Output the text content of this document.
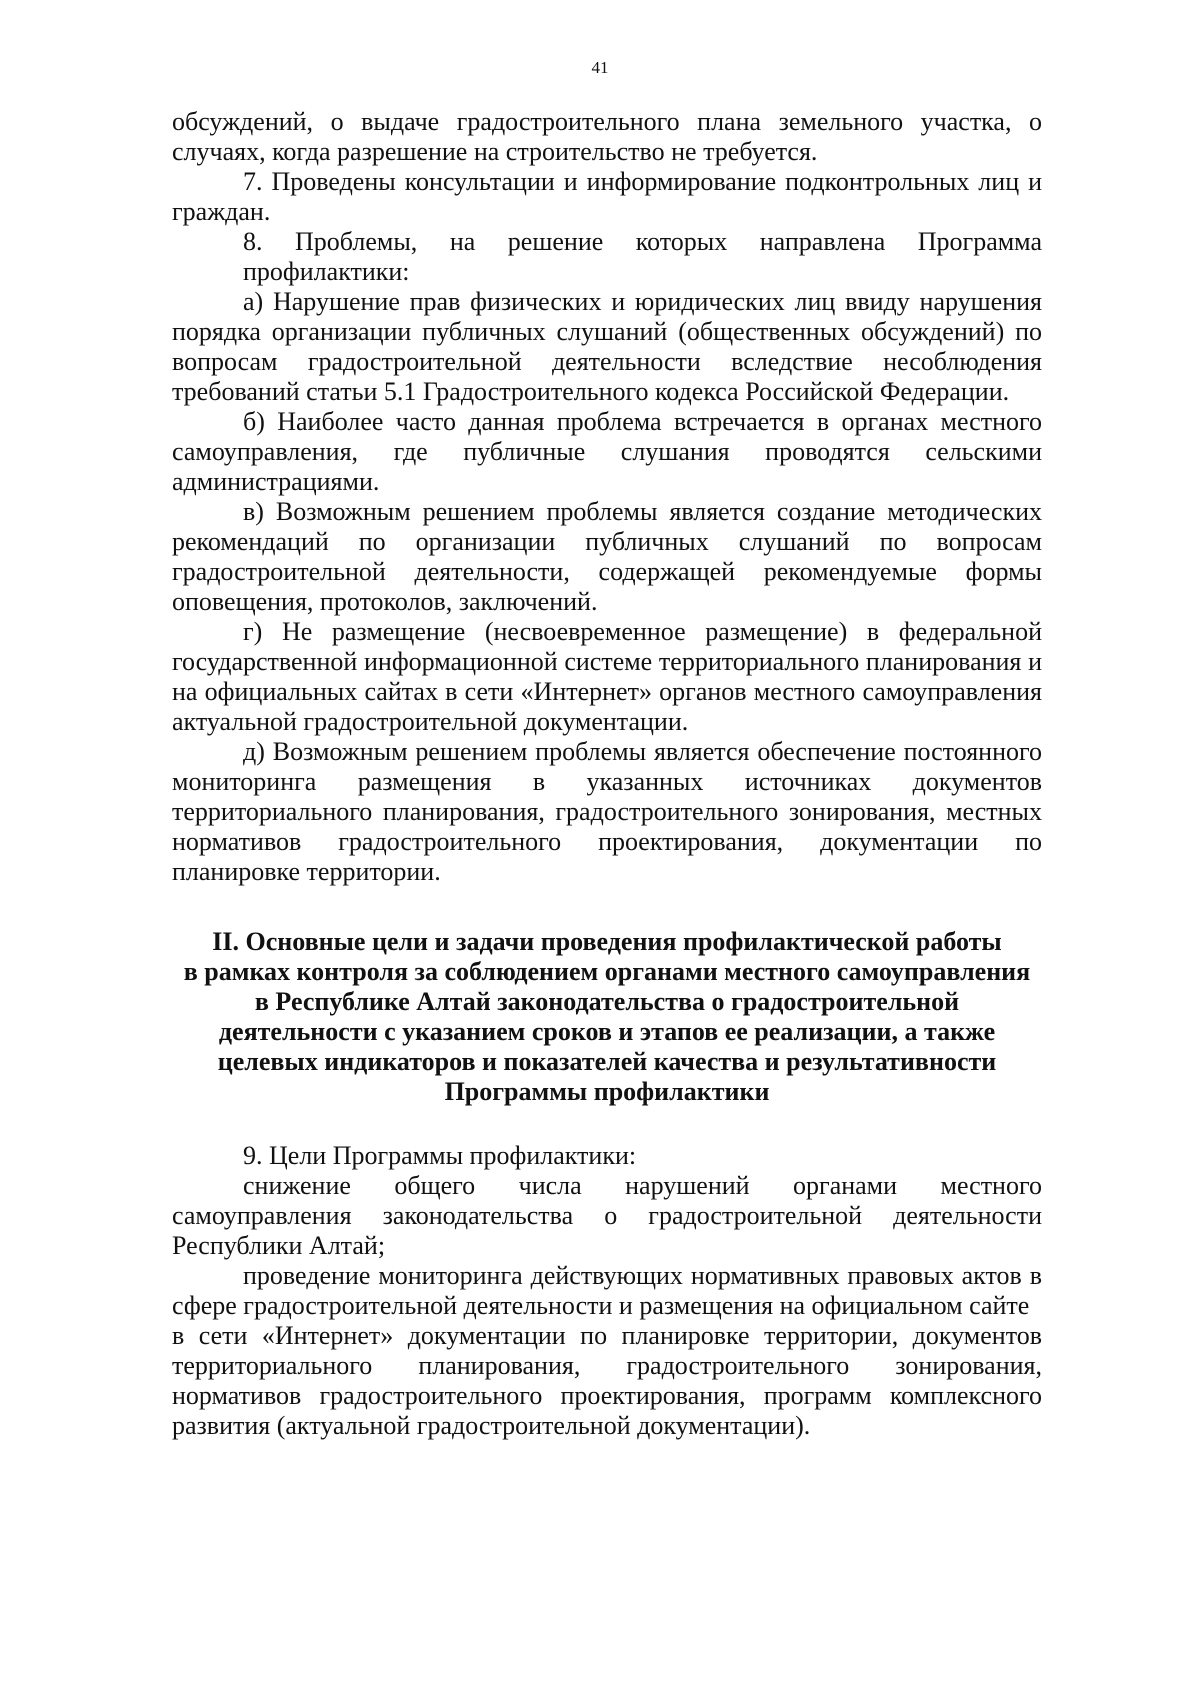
41

обсуждений, о выдаче градостроительного плана земельного участка, о случаях, когда разрешение на строительство не требуется.

7. Проведены консультации и информирование подконтрольных лиц и граждан.

8. Проблемы, на решение которых направлена Программа
профилактики:

а) Нарушение прав физических и юридических лиц ввиду нарушения порядка организации публичных слушаний (общественных обсуждений) по вопросам градостроительной деятельности вследствие несоблюдения требований статьи 5.1 Градостроительного кодекса Российской Федерации.

б) Наиболее часто данная проблема встречается в органах местного самоуправления, где публичные слушания проводятся сельскими администрациями.

в) Возможным решением проблемы является создание методических рекомендаций по организации публичных слушаний по вопросам градостроительной деятельности, содержащей рекомендуемые формы оповещения, протоколов, заключений.

г) Не размещение (несвоевременное размещение) в федеральной государственной информационной системе территориального планирования и на официальных сайтах в сети «Интернет» органов местного самоуправления актуальной градостроительной документации.

д) Возможным решением проблемы является обеспечение постоянного мониторинга размещения в указанных источниках документов территориального планирования, градостроительного зонирования, местных нормативов градостроительного проектирования, документации по планировке территории.

II. Основные цели и задачи проведения профилактической работы
в рамках контроля за соблюдением органами местного самоуправления
в Республике Алтай законодательства о градостроительной
деятельности с указанием сроков и этапов ее реализации, а также
целевых индикаторов и показателей качества и результативности
Программы профилактики

9. Цели Программы профилактики:

снижение общего числа нарушений органами местного самоуправления законодательства о градостроительной деятельности Республики Алтай;

проведение мониторинга действующих нормативных правовых актов в сфере градостроительной деятельности и размещения на официальном сайте

в сети «Интернет» документации по планировке территории, документов территориального планирования, градостроительного зонирования, нормативов градостроительного проектирования, программ комплексного развития (актуальной градостроительной документации).
